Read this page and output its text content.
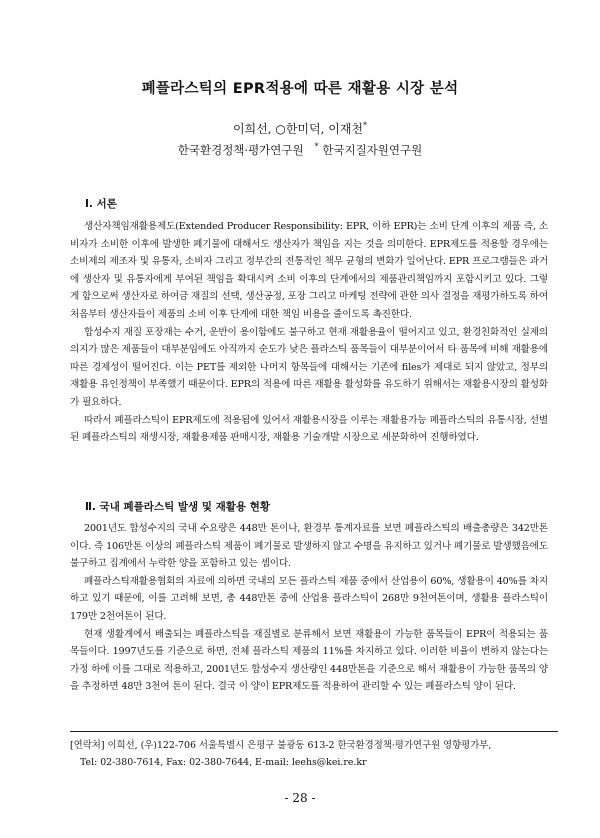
폐플라스틱의 EPR적용에 따른 재활용 시장 분석
이희선, ○한미덕, 이재천*
한국환경정책·평가연구원 * 한국지질자원연구원
Ⅰ. 서론

생산자책임재활용제도(Extended Producer Responsibility: EPR, 이하 EPR)는 소비 단계 이후의 제품 즉, 소비자가 소비한 이후에 발생한 폐기물에 대해서도 생산자가 책임을 지는 것을 의미한다. EPR제도를 적용할 경우에는 소비제의 제조자 및 유통자, 소비자 그리고 정부간의 전통적인 책무 균형의 변화가 일어난다. EPR 프로그램들은 과거에 생산자 및 유통자에게 부여된 책임을 확대시켜 소비 이후의 단계에서의 제품관리책임까지 포함시키고 있다. 그렇게 함으로써 생산자로 하여금 재질의 선택, 생산공정, 포장 그리고 마케팅 전략에 관한 의사 결정을 재평가하도록 하여 처음부터 생산자들이 제품의 소비 이후 단계에 대한 책임 비용을 줄이도록 촉진한다.

합성수지 재질 포장재는 수거, 운반이 용이함에도 불구하고 현재 재활용율이 떨어지고 있고, 환경친화적인 실제의 의지가 많은 제품들이 대부분임에도 아직까지 순도가 낮은 플라스틱 품목들이 대부분이어서 타 품목에 비해 재활용에 따른 경제성이 떨어진다. 이는 PET를 제외한 나머지 항목들에 대해서는 기존에 files가 제대로 되지 않았고, 정부의 재활용 유인정책이 부족했기 때문이다. EPR의 적용에 따른 재활용 활성화를 유도하기 위해서는 재활용시장의 활성화가 필요하다.

따라서 폐플라스틱이 EPR제도에 적용됨에 있어서 재활용시장을 이루는 재활용가능 폐플라스틱의 유통시장, 선별된 폐플라스틱의 재생시장, 재활용제품 판매시장, 재활용 기술개발 시장으로 세분화하여 진행하였다.

Ⅱ. 국내 폐플라스틱 발생 및 재활용 현황

2001년도 합성수지의 국내 수요량은 448만 톤이나, 환경부 통계자료를 보면 폐플라스틱의 배출총량은 342만톤이다. 즉 106만톤 이상의 폐플라스틱 제품이 폐기물로 발생하지 않고 수명을 유지하고 있거나 폐기물로 발생했음에도 불구하고 집계에서 누락한 양을 포함하고 있는 셈이다.

폐플라스틱재활용협회의 자료에 의하면 국내의 모든 플라스틱 제품 중에서 산업용이 60%, 생활용이 40%를 차지하고 있기 때문에, 이를 고려해 보면, 총 448만톤 중에 산업용 플라스틱이 268만 9천여톤이며, 생활용 플라스틱이 179만 2천여톤이 된다.

현재 생활계에서 배출되는 폐플라스틱을 재질별로 분류해서 보면 재활용이 가능한 품목들이 EPR이 적용되는 품목들이다. 1997년도를 기준으로 하면, 전체 플라스틱 제품의 11%를 차지하고 있다. 이러한 비율이 변하지 않는다는 가정 하에 이를 그대로 적용하고, 2001년도 합성수지 생산량인 448만톤을 기준으로 해서 재활용이 가능한 품목의 양을 추정하면 48만 3천여 톤이 된다. 결국 이 양이 EPR제도를 적용하여 관리할 수 있는 폐플라스틱 양이 된다.

[연락처] 이희선, (우)122-706 서울특별시 은평구 불광동 613-2 한국환경정책·평가연구원 영향평가부,
Tel: 02-380-7614, Fax: 02-380-7644, E-mail: leehs@kei.re.kr
- 28 -
